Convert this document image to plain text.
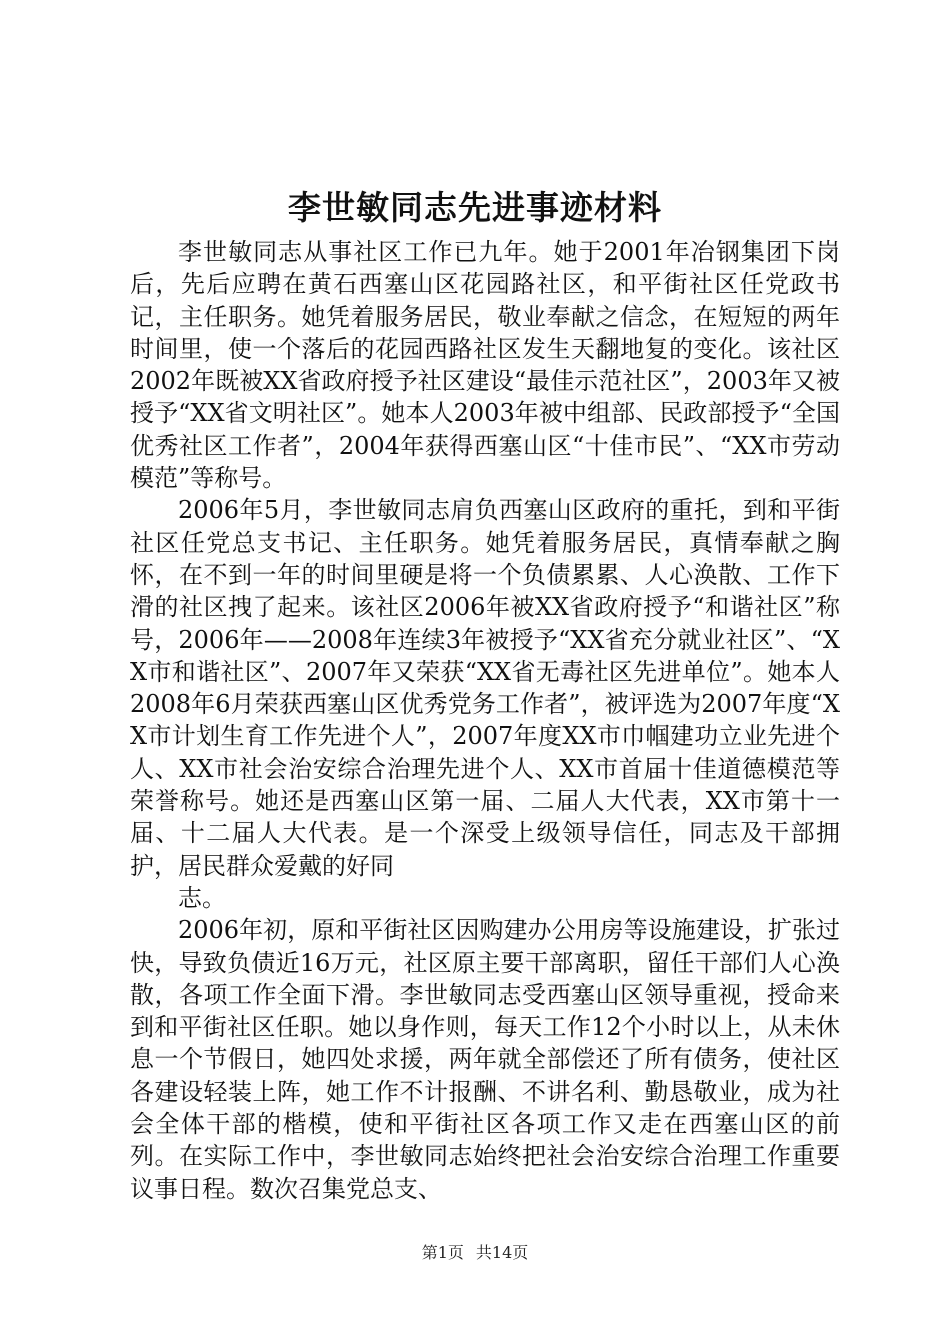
李世敏同志先进事迹材料

李世敏同志从事社区工作已九年。她于2001年冶钢集团下岗后，先后应聘在黄石西塞山区花园路社区，和平街社区任党政书记，主任职务。她凭着服务居民，敬业奉献之信念，在短短的两年时间里，使一个落后的花园西路社区发生天翻地复的变化。该社区2002年既被XX省政府授予社区建设“最佳示范社区”，2003年又被授予“XX省文明社区”。她本人2003年被中组部、民政部授予“全国优秀社区工作者”，2004年获得西塞山区“十佳市民”、“XX市劳动模范”等称号。

2006年5月，李世敏同志肩负西塞山区政府的重托，到和平街社区任党总支书记、主任职务。她凭着服务居民，真情奉献之胸怀，在不到一年的时间里硬是将一个负债累累、人心涣散、工作下滑的社区拽了起来。该社区2006年被XX省政府授予“和谐社区”称号，2006年——2008年连续3年被授予“XX省充分就业社区”、“XX市和谐社区”、2007年又荣获“XX省无毒社区先进单位”。她本人2008年6月荣获西塞山区优秀党务工作者”，被评选为2007年度“XX市计划生育工作先进个人”，2007年度XX市巾帼建功立业先进个人、XX市社会治安综合治理先进个人、XX市首届十佳道德模范等荣誉称号。她还是西塞山区第一届、二届人大代表，XX市第十一届、十二届人大代表。是一个深受上级领导信任，同志及干部拥护，居民群众爱戴的好同

志。

2006年初，原和平街社区因购建办公用房等设施建设，扩张过快，导致负债近16万元，社区原主要干部离职，留任干部们人心涣散，各项工作全面下滑。李世敏同志受西塞山区领导重视，授命来到和平街社区任职。她以身作则，每天工作12个小时以上，从未休息一个节假日，她四处求援，两年就全部偿还了所有债务，使社区各建设轻装上阵，她工作不计报酬、不讲名利、勤恳敬业，成为社会全体干部的楷模，使和平街社区各项工作又走在西塞山区的前列。在实际工作中，李世敏同志始终把社会治安综合治理工作重要议事日程。数次召集党总支、

第1页 共14页
